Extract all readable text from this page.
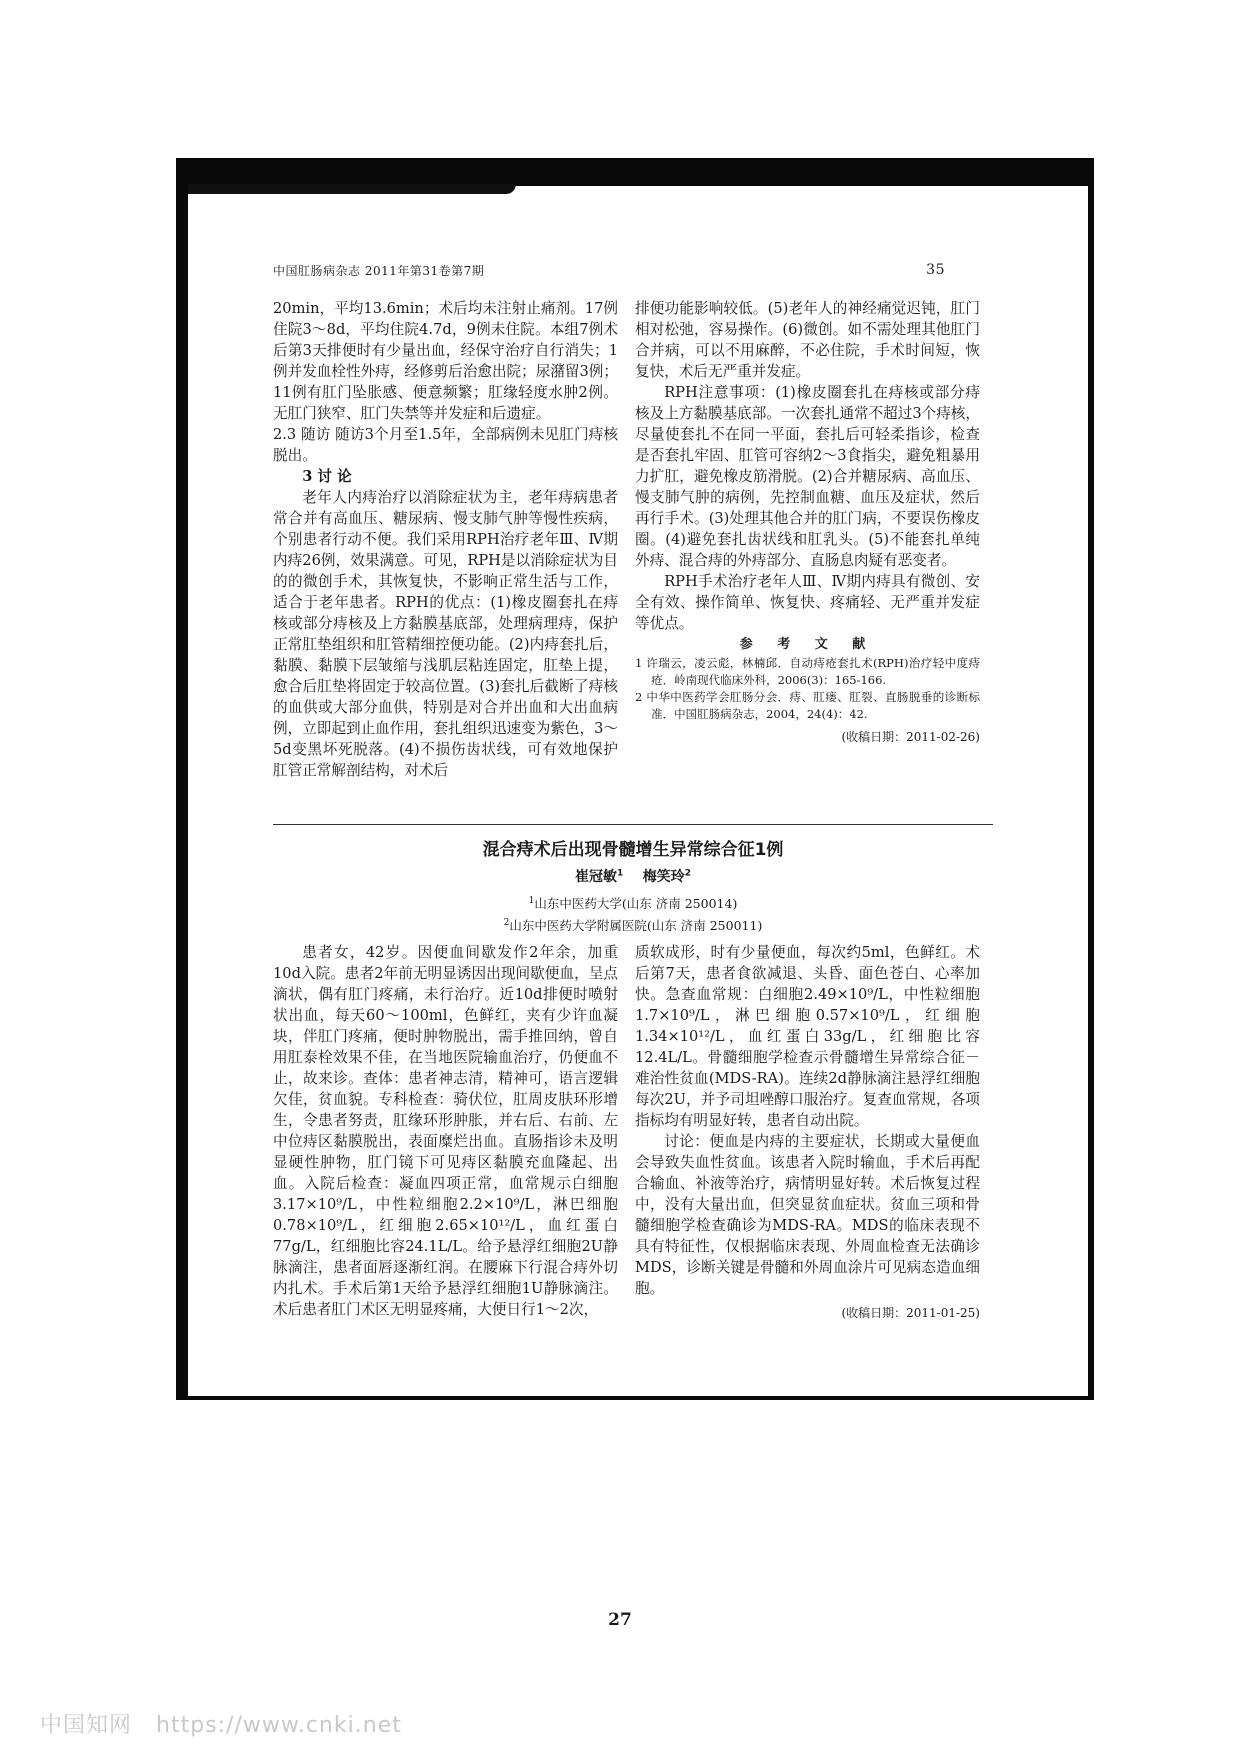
中国肛肠病杂志 2011年第31卷第7期	35

20min，平均13.6min；术后均未注射止痛剂。17例住院3～8d，平均住院4.7d，9例未住院。本组7例术后第3天排便时有少量出血，经保守治疗自行消失；1例并发血栓性外痔，经修剪后治愈出院；尿潴留3例；11例有肛门坠胀感、便意频繁；肛缘轻度水肿2例。无肛门狭窄、肛门失禁等并发症和后遗症。

2.3 随访 随访3个月至1.5年，全部病例未见肛门痔核脱出。

3 讨 论

老年人内痔治疗以消除症状为主，老年痔病患者常合并有高血压、糖尿病、慢支肺气肿等慢性疾病，个别患者行动不便。我们采用RPH治疗老年Ⅲ、Ⅳ期内痔26例，效果满意。可见，RPH是以消除症状为目的的微创手术，其恢复快，不影响正常生活与工作，适合于老年患者。RPH的优点：(1)橡皮圈套扎在痔核或部分痔核及上方黏膜基底部，处理病理痔，保护正常肛垫组织和肛管精细控便功能。(2)内痔套扎后，黏膜、黏膜下层皱缩与浅肌层粘连固定，肛垫上提，愈合后肛垫将固定于较高位置。(3)套扎后截断了痔核的血供或大部分血供，特别是对合并出血和大出血病例，立即起到止血作用，套扎组织迅速变为紫色，3～5d变黑坏死脱落。(4)不损伤齿状线，可有效地保护肛管正常解剖结构，对术后

排便功能影响较低。(5)老年人的神经痛觉迟钝，肛门相对松弛，容易操作。(6)微创。如不需处理其他肛门合并病，可以不用麻醉，不必住院，手术时间短，恢复快，术后无严重并发症。

RPH注意事项：(1)橡皮圈套扎在痔核或部分痔核及上方黏膜基底部。一次套扎通常不超过3个痔核，尽量使套扎不在同一平面，套扎后可轻柔指诊，检查是否套扎牢固、肛管可容纳2～3食指尖，避免粗暴用力扩肛，避免橡皮筋滑脱。(2)合并糖尿病、高血压、慢支肺气肿的病例，先控制血糖、血压及症状，然后再行手术。(3)处理其他合并的肛门病，不要误伤橡皮圈。(4)避免套扎齿状线和肛乳头。(5)不能套扎单纯外痔、混合痔的外痔部分、直肠息肉疑有恶变者。

RPH手术治疗老年人Ⅲ、Ⅳ期内痔具有微创、安全有效、操作简单、恢复快、疼痛轻、无严重并发症等优点。

参 考 文 献

1 许瑞云，凌云彪，林楠邱．自动痔疮套扎术(RPH)治疗轻中度痔疮．岭南现代临床外科，2006(3)：165-166.

2 中华中医药学会肛肠分会．痔、肛瘘、肛裂、直肠脱垂的诊断标准．中国肛肠病杂志，2004，24(4)：42.

(收稿日期：2011-02-26)

混合痔术后出现骨髓增生异常综合征1例
崔冠敏$^1$ 梅笑玲$^2$
$^1$山东中医药大学(山东 济南 250014)
$^2$山东中医药大学附属医院(山东 济南 250011)

患者女，42岁。因便血间歇发作2年余，加重10d入院。患者2年前无明显诱因出现间歇便血，呈点滴状，偶有肛门疼痛，未行治疗。近10d排便时喷射状出血，每天60～100ml，色鲜红，夹有少许血凝块，伴肛门疼痛，便时肿物脱出，需手推回纳，曾自用肛泰栓效果不佳，在当地医院输血治疗，仍便血不止，故来诊。查体：患者神志清，精神可，语言逻辑欠佳，贫血貌。专科检查：骑伏位，肛周皮肤环形增生，令患者努责，肛缘环形肿胀，并右后、右前、左中位痔区黏膜脱出，表面糜烂出血。直肠指诊未及明显硬性肿物，肛门镜下可见痔区黏膜充血隆起、出血。入院后检查：凝血四项正常，血常规示白细胞3.17×10⁹/L，中性粒细胞2.2×10⁹/L，淋巴细胞0.78×10⁹/L，红细胞2.65×10¹²/L，血红蛋白77g/L，红细胞比容24.1L/L。给予悬浮红细胞2U静脉滴注，患者面唇逐渐红润。在腰麻下行混合痔外切内扎术。手术后第1天给予悬浮红细胞1U静脉滴注。术后患者肛门术区无明显疼痛，大便日行1～2次，

质软成形，时有少量便血，每次约5ml，色鲜红。术后第7天，患者食欲减退、头昏、面色苍白、心率加快。急查血常规：白细胞2.49×10⁹/L，中性粒细胞1.7×10⁹/L，淋巴细胞0.57×10⁹/L，红细胞1.34×10¹²/L，血红蛋白33g/L，红细胞比容12.4L/L。骨髓细胞学检查示骨髓增生异常综合征－难治性贫血(MDS-RA)。连续2d静脉滴注悬浮红细胞每次2U，并予司坦唑醇口服治疗。复查血常规，各项指标均有明显好转，患者自动出院。

讨论：便血是内痔的主要症状，长期或大量便血会导致失血性贫血。该患者入院时输血，手术后再配合输血、补液等治疗，病情明显好转。术后恢复过程中，没有大量出血，但突显贫血症状。贫血三项和骨髓细胞学检查确诊为MDS-RA。MDS的临床表现不具有特征性，仅根据临床表现、外周血检查无法确诊MDS，诊断关键是骨髓和外周血涂片可见病态造血细胞。

(收稿日期：2011-01-25)

27
中国知网 https://www.cnki.net
